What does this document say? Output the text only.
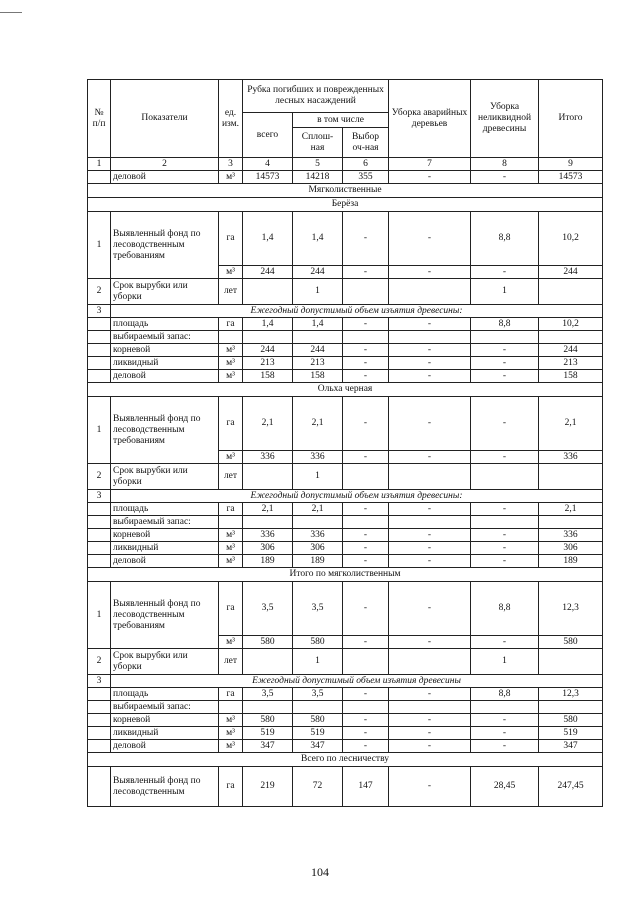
№ п/п	Показатели	ед. изм.	Рубка погибших и поврежденных лесных насаждений			Уборка аварийных деревьев	Уборка неликвидной древесины	Итого
			всего	в том числе				
				Сплош-ная	Выбор оч-ная			
1	2	3	4	5	6	7	8	9
	деловой	м³	14573	14218	355	-	-	14573
Мягколиственные								
Берёза								
1	Выявленный фонд по лесоводственным требованиям	га	1,4	1,4	-	-	8,8	10,2
		м³	244	244	-	-	-	244
2	Срок вырубки или уборки	лет		1			1	
3	Ежегодный допустимый объем изъятия древесины:							
	площадь	га	1,4	1,4	-	-	8,8	10,2
	выбираемый запас:							
	корневой	м³	244	244	-	-	-	244
	ликвидный	м³	213	213	-	-	-	213
	деловой	м³	158	158	-	-	-	158
Ольха черная								
1	Выявленный фонд по лесоводственным требованиям	га	2,1	2,1	-	-	-	2,1
		м³	336	336	-	-	-	336
2	Срок вырубки или уборки	лет		1				
3	Ежегодный допустимый объем изъятия древесины:							
	площадь	га	2,1	2,1	-	-	-	2,1
	выбираемый запас:							
	корневой	м³	336	336	-	-	-	336
	ликвидный	м³	306	306	-	-	-	306
	деловой	м³	189	189	-	-	-	189
Итого по мягколиственным								
1	Выявленный фонд по лесоводственным требованиям	га	3,5	3,5	-	-	8,8	12,3
		м³	580	580	-	-	-	580
2	Срок вырубки или уборки	лет		1			1	
3	Ежегодный допустимый объем изъятия древесины							
	площадь	га	3,5	3,5	-	-	8,8	12,3
	выбираемый запас:							
	корневой	м³	580	580	-	-	-	580
	ликвидный	м³	519	519	-	-	-	519
	деловой	м³	347	347	-	-	-	347
Всего по лесничеству								
	Выявленный фонд по лесоводственным	га	219	72	147	-	28,45	247,45
104
